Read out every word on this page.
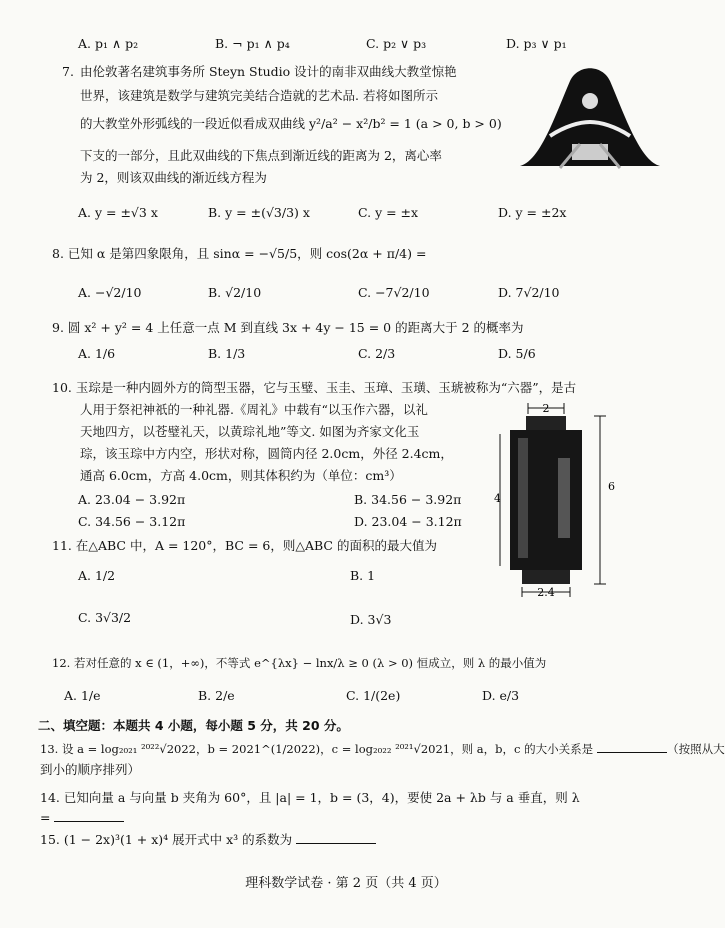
A. p₁ ∧ p₂	B. ¬ p₁ ∧ p₄	C. p₂ ∨ p₃	D. p₃ ∨ p₁
7. 由伦敦著名建筑事务所 Steyn Studio 设计的南非双曲线大教堂惊艳
世界，该建筑是数学与建筑完美结合造就的艺术品. 若将如图所示
的大教堂外形弧线的一段近似看成双曲线 y²/a² − x²/b² = 1 (a > 0, b > 0)
下支的一部分，且此双曲线的下焦点到渐近线的距离为 2，离心率
为 2，则该双曲线的渐近线方程为
A. y = ±√3 x	B. y = ±(√3/3) x	C. y = ±x	D. y = ±2x
8. 已知 α 是第四象限角，且 sinα = −√5/5，则 cos(2α + π/4) =
A. −√2/10	B. √2/10	C. −7√2/10	D. 7√2/10
9. 圆 x² + y² = 4 上任意一点 M 到直线 3x + 4y − 15 = 0 的距离大于 2 的概率为
A. 1/6	B. 1/3	C. 2/3	D. 5/6
10. 玉琮是一种内圆外方的筒型玉器，它与玉璧、玉圭、玉璋、玉璜、玉琥被称为“六器”，是古
人用于祭祀神祇的一种礼器.《周礼》中载有“以玉作六器，以礼
天地四方，以苍璧礼天，以黄琮礼地”等文. 如图为齐家文化玉
琮，该玉琮中方内空，形状对称，圆筒内径 2.0cm，外径 2.4cm，
通高 6.0cm，方高 4.0cm，则其体积约为（单位：cm³）
A. 23.04 − 3.92π	B. 34.56 − 3.92π
C. 34.56 − 3.12π	D. 23.04 − 3.12π
2
4
6
2.4
11. 在△ABC 中，A = 120°，BC = 6，则△ABC 的面积的最大值为
A. 1/2	B. 1
C. 3√3/2	D. 3√3
12. 若对任意的 x ∈ (1，+∞)，不等式 e^{λx} − lnx/λ ≥ 0 (λ > 0) 恒成立，则 λ 的最小值为
A. 1/e	B. 2/e	C. 1/(2e)	D. e/3
二、填空题：本题共 4 小题，每小题 5 分，共 20 分。
13. 设 a = log₂₀₂₁ ²⁰²²√2022，b = 2021^(1/2022)，c = log₂₀₂₂ ²⁰²¹√2021，则 a，b，c 的大小关系是	（按照从大
到小的顺序排列）
14. 已知向量 a 与向量 b 夹角为 60°，且 |a| = 1，b = (3，4)，要使 2a + λb 与 a 垂直，则 λ
=
15. (1 − 2x)³(1 + x)⁴ 展开式中 x³ 的系数为
理科数学试卷 · 第 2 页（共 4 页）
